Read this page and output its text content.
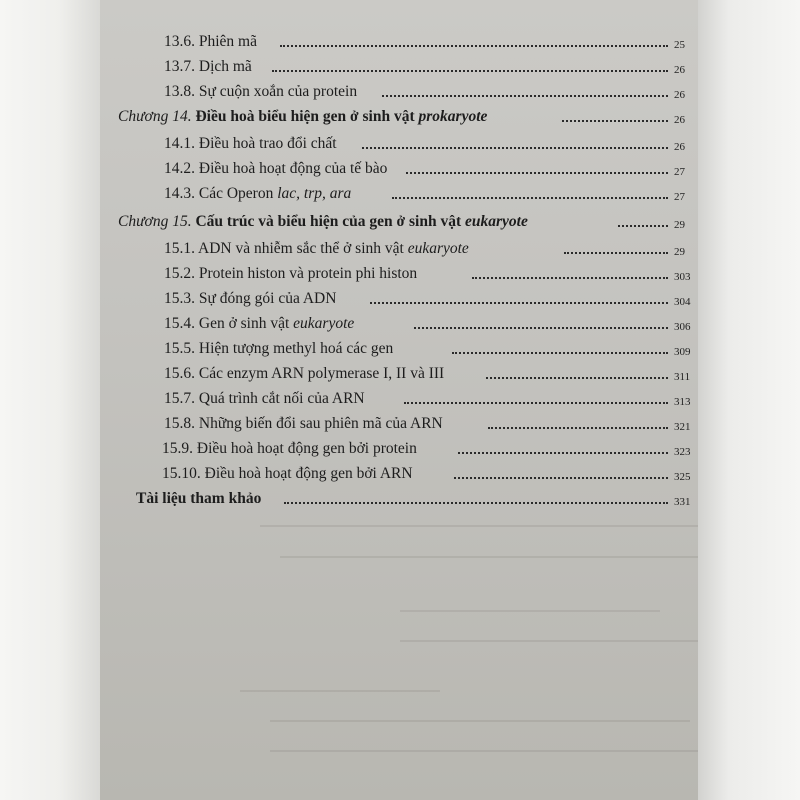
13.6. Phiên mã	25
13.7. Dịch mã	26
13.8. Sự cuộn xoắn của protein	26
Chương 14. Điều hoà biểu hiện gen ở sinh vật prokaryote	26
14.1. Điều hoà trao đổi chất	26
14.2. Điều hoà hoạt động của tế bào	27
14.3. Các Operon lac, trp, ara	27
Chương 15. Cấu trúc và biểu hiện của gen ở sinh vật eukaryote	29
15.1. ADN và nhiễm sắc thể ở sinh vật eukaryote	29
15.2. Protein histon và protein phi histon	303
15.3. Sự đóng gói của ADN	304
15.4. Gen ở sinh vật eukaryote	306
15.5. Hiện tượng methyl hoá các gen	309
15.6. Các enzym ARN polymerase I, II và III	311
15.7. Quá trình cắt nối của ARN	313
15.8. Những biến đổi sau phiên mã của ARN	321
15.9. Điều hoà hoạt động gen bởi protein	323
15.10. Điều hoà hoạt động gen bởi ARN	325
Tài liệu tham khảo	331
